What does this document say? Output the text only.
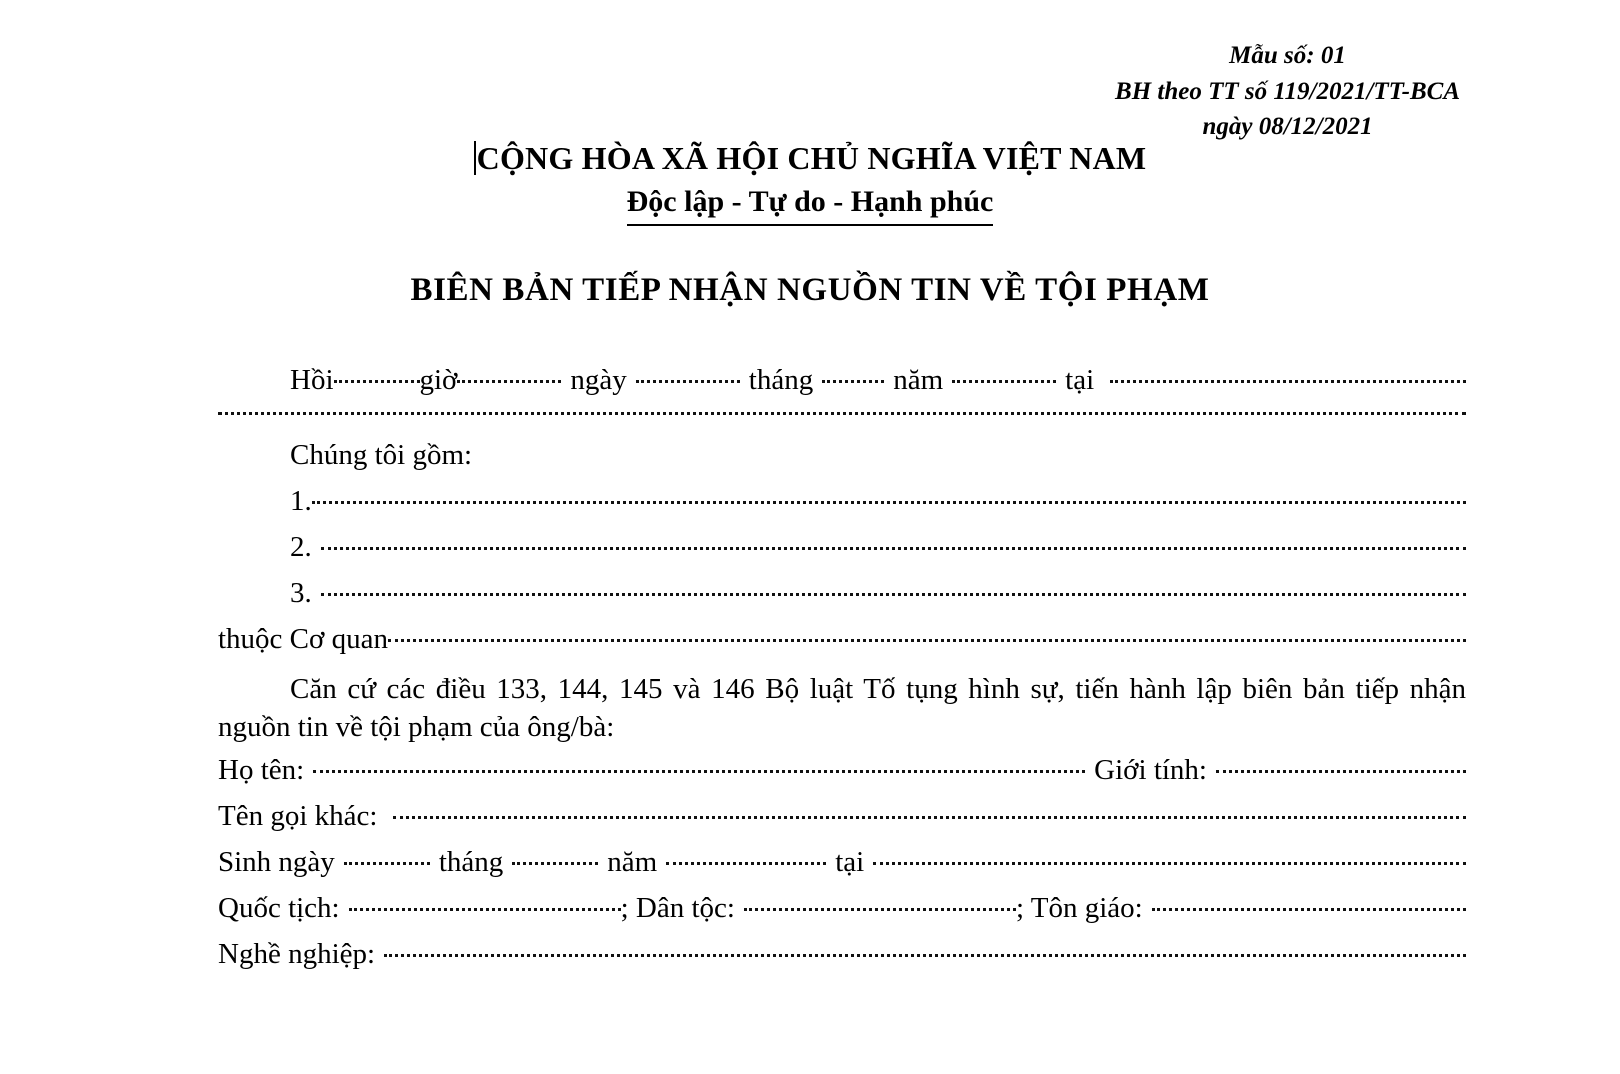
Mẫu số: 01
BH theo TT số 119/2021/TT-BCA
ngày 08/12/2021
CỘNG HÒA XÃ HỘI CHỦ NGHĨA VIỆT NAM
Độc lập - Tự do - Hạnh phúc
BIÊN BẢN TIẾP NHẬN NGUỒN TIN VỀ TỘI PHẠM
Hồi	giờ	ngày	tháng	năm	tại
Chúng tôi gồm:
1.
2.
3.
thuộc Cơ quan
Căn cứ các điều 133, 144, 145 và 146 Bộ luật Tố tụng hình sự, tiến hành lập biên bản tiếp nhận nguồn tin về tội phạm của ông/bà:
Họ tên:	Giới tính:
Tên gọi khác:
Sinh ngày	tháng	năm	tại
Quốc tịch:	; Dân tộc:	; Tôn giáo:
Nghề nghiệp:
